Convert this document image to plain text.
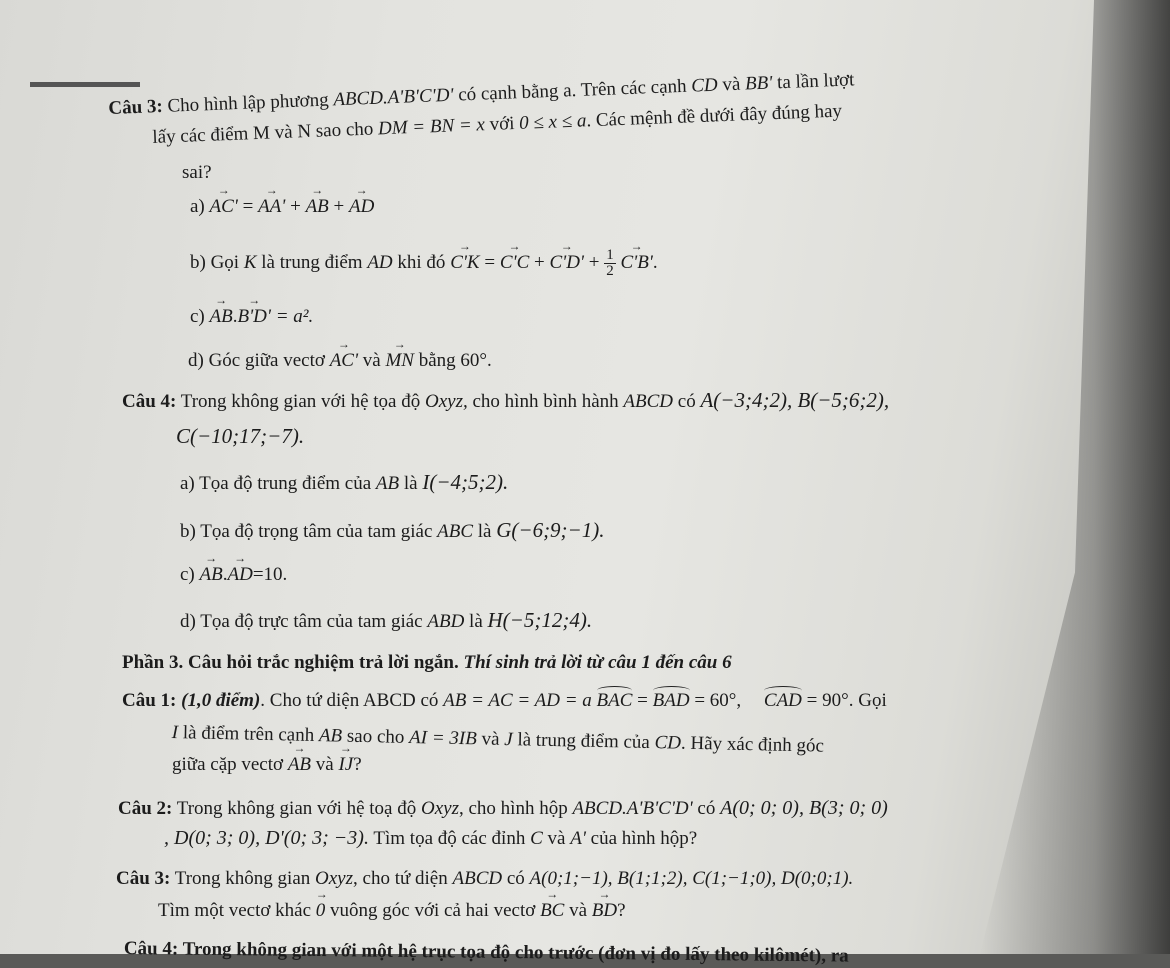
Câu 3: Cho hình lập phương ABCD.A'B'C'D' có cạnh bằng a. Trên các cạnh CD và BB' ta lần lượt
lấy các điểm M và N sao cho DM = BN = x với 0 ≤ x ≤ a. Các mệnh đề dưới đây đúng hay
sai?
a) AC' → = AA' → + AB → + AD →
b) Gọi K là trung điểm AD khi đó C'K → = C'C → + C'D' → + $\frac{1}{2} C'B'$ →.
c) AB →.B'D' → = a².
d) Góc giữa vectơ AC' → và MN → bằng 60°.
Câu 4: Trong không gian với hệ tọa độ Oxyz, cho hình bình hành ABCD có A(−3;4;2), B(−5;6;2),
C(−10;17;−7).
a) Tọa độ trung điểm của AB là I(−4;5;2).
b) Tọa độ trọng tâm của tam giác ABC là G(−6;9;−1).
c) AB →.AD →=10.
d) Tọa độ trực tâm của tam giác ABD là H(−5;12;4).
Phần 3. Câu hỏi trắc nghiệm trả lời ngắn. Thí sinh trả lời từ câu 1 đến câu 6
Câu 1: (1,0 điểm). Cho tứ diện ABCD có AB = AC = AD = a BAC = BAD = 60°, CAD = 90°. Gọi
I là điểm trên cạnh AB sao cho AI = 3IB và J là trung điểm của CD. Hãy xác định góc
giữa cặp vectơ AB → và IJ →?
Câu 2: Trong không gian với hệ toạ độ Oxyz, cho hình hộp ABCD.A'B'C'D' có A(0; 0; 0), B(3; 0; 0)
, D(0; 3; 0), D'(0; 3; −3). Tìm tọa độ các đỉnh C và A' của hình hộp?
Câu 3: Trong không gian Oxyz, cho tứ diện ABCD có A(0;1;−1), B(1;1;2), C(1;−1;0), D(0;0;1).
Tìm một vectơ khác 0 → vuông góc với cả hai vectơ BC → và BD →?
Câu 4: Trong không gian với một hệ trục tọa độ cho trước (đơn vị đo lấy theo kilômét), ra
